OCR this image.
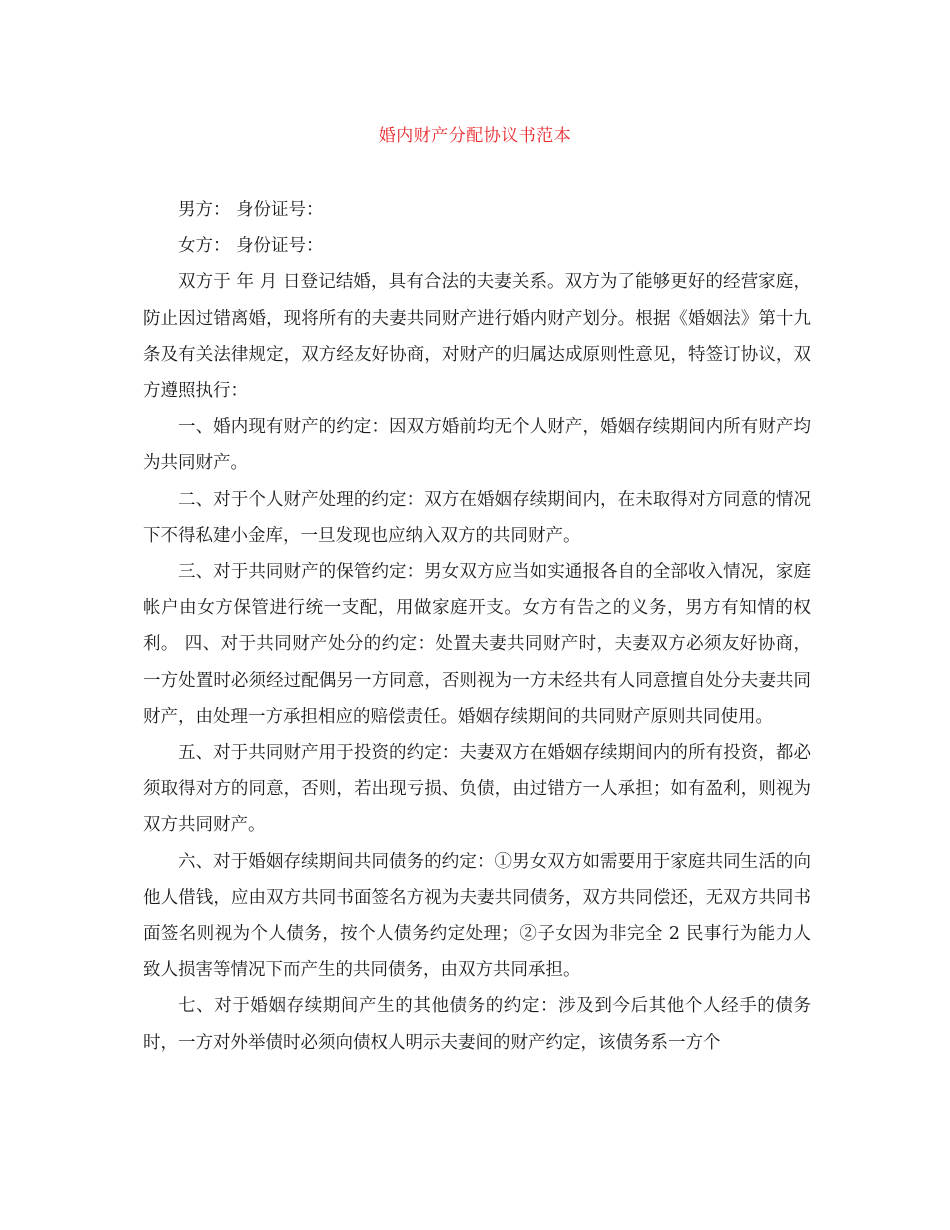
婚内财产分配协议书范本

男方： 身份证号：

女方： 身份证号：

双方于 年 月 日登记结婚，具有合法的夫妻关系。双方为了能够更好的经营家庭，防止因过错离婚，现将所有的夫妻共同财产进行婚内财产划分。根据《婚姻法》第十九条及有关法律规定，双方经友好协商，对财产的归属达成原则性意见，特签订协议，双方遵照执行：

一、婚内现有财产的约定：因双方婚前均无个人财产，婚姻存续期间内所有财产均为共同财产。

二、对于个人财产处理的约定：双方在婚姻存续期间内，在未取得对方同意的情况下不得私建小金库，一旦发现也应纳入双方的共同财产。

三、对于共同财产的保管约定：男女双方应当如实通报各自的全部收入情况，家庭帐户由女方保管进行统一支配，用做家庭开支。女方有告之的义务，男方有知情的权利。 四、对于共同财产处分的约定：处置夫妻共同财产时，夫妻双方必须友好协商，一方处置时必须经过配偶另一方同意，否则视为一方未经共有人同意擅自处分夫妻共同财产，由处理一方承担相应的赔偿责任。婚姻存续期间的共同财产原则共同使用。

五、对于共同财产用于投资的约定：夫妻双方在婚姻存续期间内的所有投资，都必须取得对方的同意，否则，若出现亏损、负债，由过错方一人承担；如有盈利，则视为双方共同财产。

六、对于婚姻存续期间共同债务的约定：①男女双方如需要用于家庭共同生活的向他人借钱，应由双方共同书面签名方视为夫妻共同债务，双方共同偿还，无双方共同书面签名则视为个人债务，按个人债务约定处理；②子女因为非完全 2 民事行为能力人致人损害等情况下而产生的共同债务，由双方共同承担。

七、对于婚姻存续期间产生的其他债务的约定：涉及到今后其他个人经手的债务时，一方对外举债时必须向债权人明示夫妻间的财产约定，该债务系一方个
